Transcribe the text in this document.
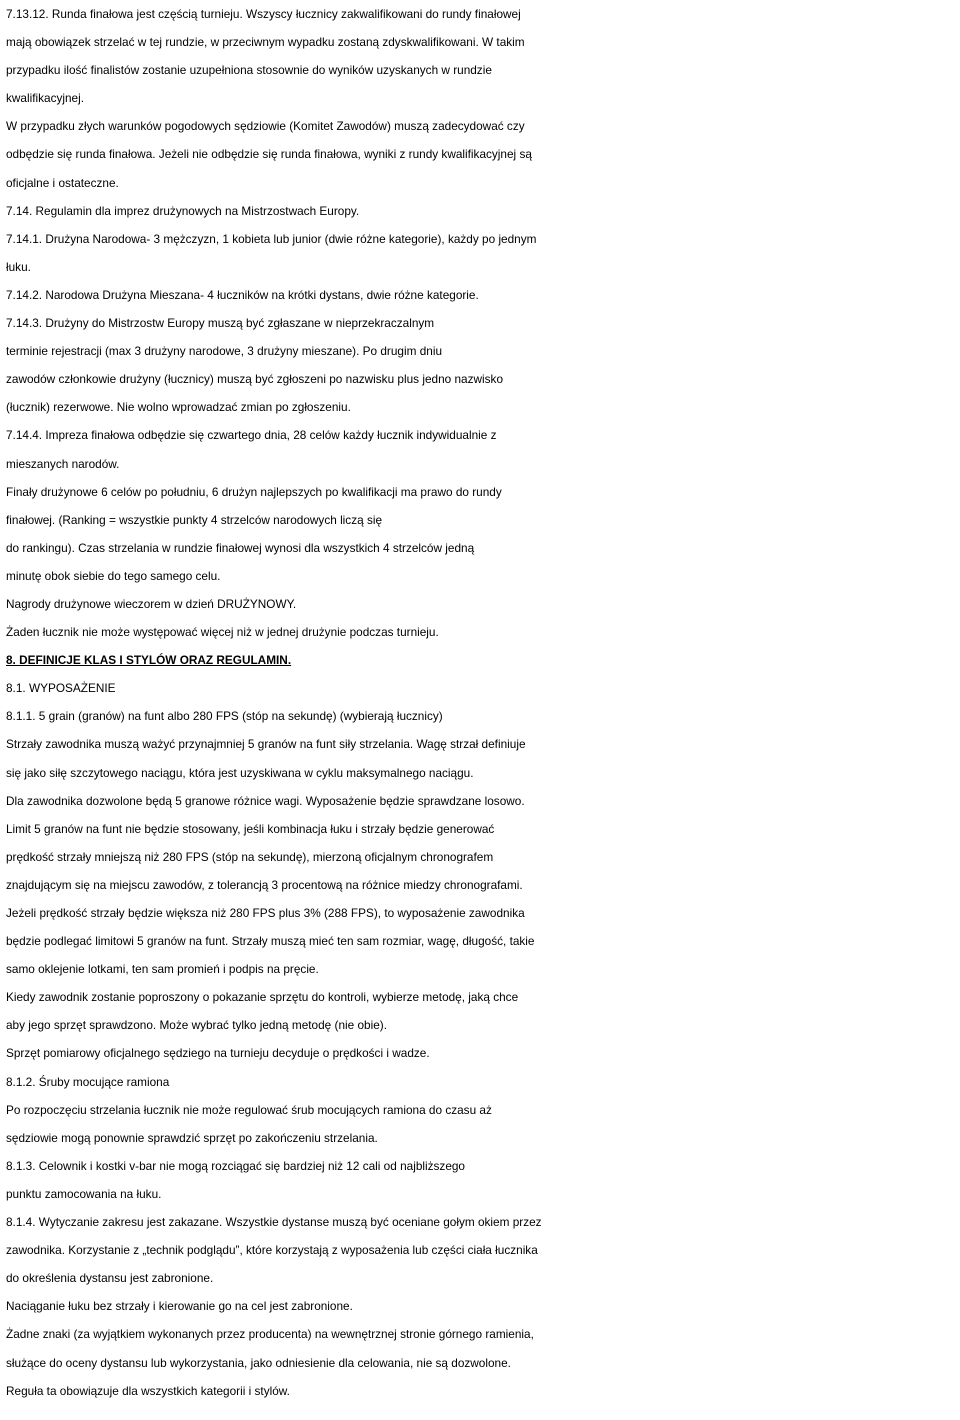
7.13.12. Runda finałowa jest częścią turnieju. Wszyscy łucznicy zakwalifikowani do rundy finałowej

mają obowiązek strzelać w tej rundzie, w przeciwnym wypadku zostaną zdyskwalifikowani. W takim

przypadku ilość finalistów zostanie uzupełniona stosownie do wyników uzyskanych w rundzie

kwalifikacyjnej.

W przypadku złych warunków pogodowych sędziowie (Komitet Zawodów) muszą zadecydować czy

odbędzie się runda finałowa. Jeżeli nie odbędzie się runda finałowa, wyniki z rundy kwalifikacyjnej są

oficjalne i ostateczne.

7.14. Regulamin dla imprez drużynowych na Mistrzostwach Europy.

7.14.1. Drużyna Narodowa- 3 mężczyzn, 1 kobieta lub junior (dwie różne kategorie), każdy po jednym

łuku.

7.14.2. Narodowa Drużyna Mieszana- 4 łuczników na krótki dystans, dwie różne kategorie.

7.14.3. Drużyny do Mistrzostw Europy muszą być zgłaszane w nieprzekraczalnym

terminie rejestracji (max 3 drużyny narodowe, 3 drużyny mieszane). Po drugim dniu

zawodów członkowie drużyny (łucznicy) muszą być zgłoszeni po nazwisku plus jedno nazwisko

(łucznik) rezerwowe. Nie wolno wprowadzać zmian po zgłoszeniu.

7.14.4. Impreza finałowa odbędzie się czwartego dnia, 28 celów każdy łucznik indywidualnie z

mieszanych narodów.

Finały drużynowe 6 celów po południu, 6 drużyn najlepszych po kwalifikacji ma prawo do rundy

finałowej. (Ranking = wszystkie punkty 4 strzelców narodowych liczą się

do rankingu). Czas strzelania w rundzie finałowej wynosi dla wszystkich 4 strzelców jedną

minutę obok siebie do tego samego celu.

Nagrody drużynowe wieczorem w dzień DRUŻYNOWY.

Żaden łucznik nie może występować więcej niż w jednej drużynie podczas turnieju.

8. DEFINICJE KLAS I STYLÓW ORAZ REGULAMIN.

8.1. WYPOSAŻENIE

8.1.1. 5 grain (granów) na funt albo 280 FPS (stóp na sekundę) (wybierają łucznicy)

Strzały zawodnika muszą ważyć przynajmniej 5 granów na funt siły strzelania. Wagę strzał definiuje

się jako siłę szczytowego naciągu, która jest uzyskiwana w cyklu maksymalnego naciągu.

Dla zawodnika dozwolone będą 5 granowe różnice wagi. Wyposażenie będzie sprawdzane losowo.

Limit 5 granów na funt nie będzie stosowany, jeśli kombinacja łuku i strzały będzie generować

prędkość strzały mniejszą niż 280 FPS (stóp na sekundę), mierzoną oficjalnym chronografem

znajdującym się na miejscu zawodów, z tolerancją 3 procentową na różnice miedzy chronografami.

Jeżeli prędkość strzały będzie większa niż 280 FPS plus 3% (288 FPS), to wyposażenie zawodnika

będzie podlegać limitowi 5 granów na funt. Strzały muszą mieć ten sam rozmiar, wagę, długość, takie

samo oklejenie lotkami, ten sam promień i podpis na pręcie.

Kiedy zawodnik zostanie poproszony o pokazanie sprzętu do kontroli, wybierze metodę, jaką chce

aby jego sprzęt sprawdzono. Może wybrać tylko jedną metodę (nie obie).

Sprzęt pomiarowy oficjalnego sędziego na turnieju decyduje o prędkości i wadze.

8.1.2. Śruby mocujące ramiona

Po rozpoczęciu strzelania łucznik nie może regulować śrub mocujących ramiona do czasu aż

sędziowie mogą ponownie sprawdzić sprzęt po zakończeniu strzelania.

8.1.3. Celownik i kostki v-bar nie mogą rozciągać się bardziej niż 12 cali od najbliższego

punktu zamocowania na łuku.

8.1.4. Wytyczanie zakresu jest zakazane. Wszystkie dystanse muszą być oceniane gołym okiem przez

zawodnika. Korzystanie z „technik podglądu”, które korzystają z wyposażenia lub części ciała łucznika

do określenia dystansu jest zabronione.

Naciąganie łuku bez strzały i kierowanie go na cel jest zabronione.

Żadne znaki (za wyjątkiem wykonanych przez producenta) na wewnętrznej stronie górnego ramienia,

służące do oceny dystansu lub wykorzystania, jako odniesienie dla celowania, nie są dozwolone.

Reguła ta obowiązuje dla wszystkich kategorii i stylów.
